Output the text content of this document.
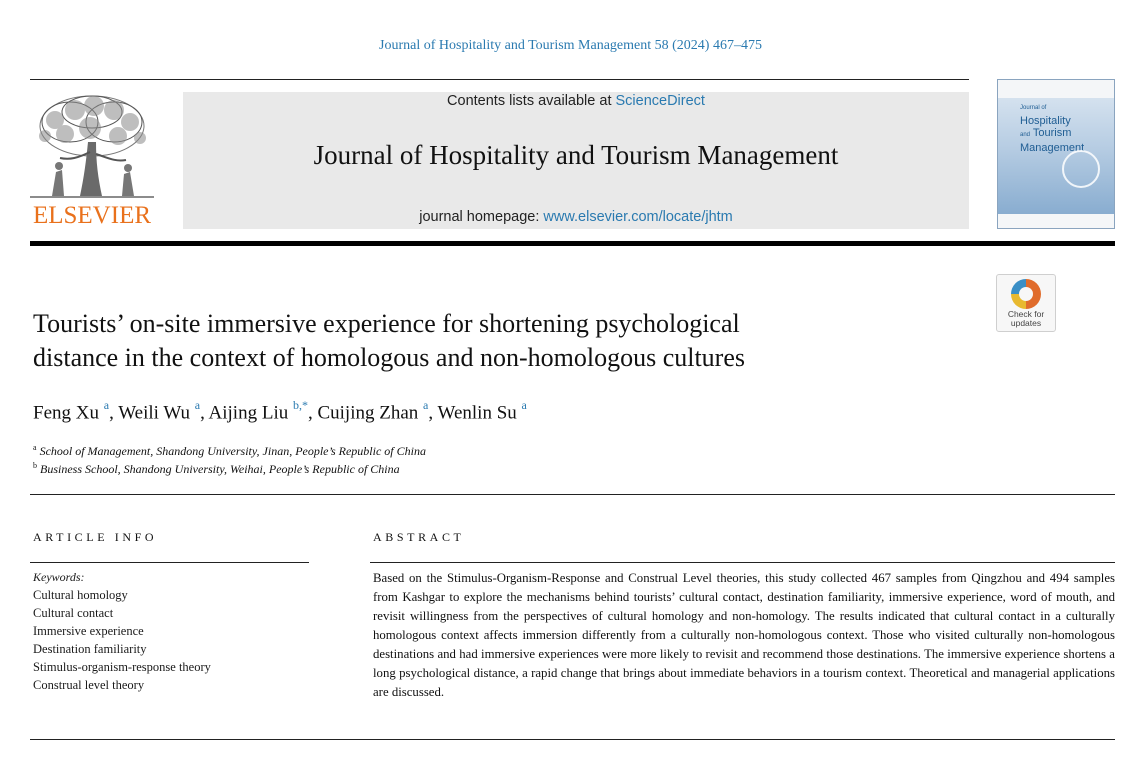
Journal of Hospitality and Tourism Management 58 (2024) 467–475
ELSEVIER
Contents lists available at ScienceDirect
Journal of Hospitality and Tourism Management
journal homepage: www.elsevier.com/locate/jhtm
Journal of
Hospitality
and Tourism
Management
Check for
updates
Tourists’ on-site immersive experience for shortening psychological
distance in the context of homologous and non-homologous cultures
Feng Xu $^a$, Weili Wu $^a$, Aijing Liu $^{b,*}$, Cuijing Zhan $^a$, Wenlin Su $^a$
$^a$ School of Management, Shandong University, Jinan, People’s Republic of China
$^b$ Business School, Shandong University, Weihai, People’s Republic of China
ARTICLE INFO
Keywords:
Cultural homology
Cultural contact
Immersive experience
Destination familiarity
Stimulus-organism-response theory
Construal level theory
ABSTRACT
Based on the Stimulus-Organism-Response and Construal Level theories, this study collected 467 samples from Qingzhou and 494 samples from Kashgar to explore the mechanisms behind tourists’ cultural contact, destination familiarity, immersive experience, word of mouth, and revisit willingness from the perspectives of cultural homology and non-homology. The results indicated that cultural contact in a culturally homologous context affects immersion differently from a culturally non-homologous context. Those who visited culturally non-homologous destinations and had immersive experiences were more likely to revisit and recommend those destinations. The immersive experience shortens a long psychological distance, a rapid change that brings about immediate behaviors in a tourism context. Theoretical and managerial applications are discussed.
